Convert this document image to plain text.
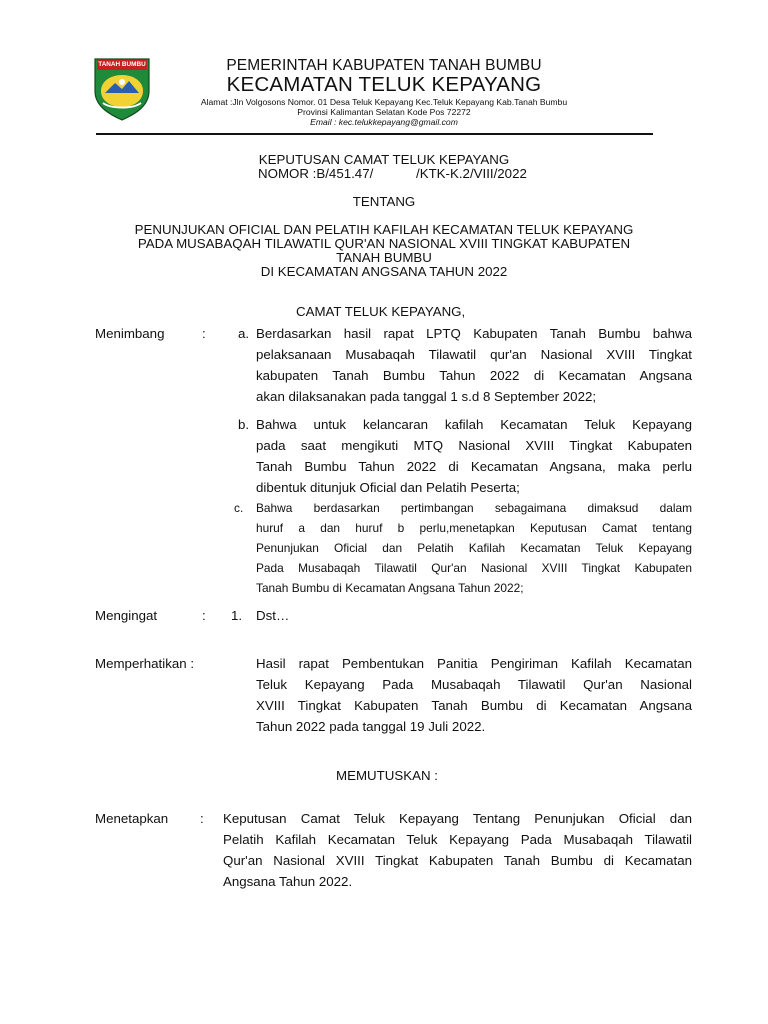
TANAH BUMBU	PEMERINTAH KABUPATEN TANAH BUMBU
KECAMATAN TELUK KEPAYANG
Alamat :Jln Volgosons Nomor. 01 Desa Teluk Kepayang Kec.Teluk Kepayang Kab.Tanah Bumbu
Provinsi Kalimantan Selatan Kode Pos 72272
Email : kec.telukkepayang@gmail.com
KEPUTUSAN CAMAT TELUK KEPAYANG
NOMOR :B/451.47/	/KTK-K.2/VIII/2022
TENTANG
PENUNJUKAN OFICIAL DAN PELATIH KAFILAH KECAMATAN TELUK KEPAYANG
PADA MUSABAQAH TILAWATIL QUR'AN NASIONAL XVIII TINGKAT KABUPATEN
TANAH BUMBU
DI KECAMATAN ANGSANA TAHUN 2022
CAMAT TELUK KEPAYANG,
Menimbang	: a. Berdasarkan hasil rapat LPTQ Kabupaten Tanah Bumbu bahwa
pelaksanaan Musabaqah Tilawatil qur'an Nasional XVIII Tingkat
kabupaten Tanah Bumbu Tahun 2022 di Kecamatan Angsana
akan dilaksanakan pada tanggal 1 s.d 8 September 2022;
b. Bahwa untuk kelancaran kafilah Kecamatan Teluk Kepayang
pada saat mengikuti MTQ Nasional XVIII Tingkat Kabupaten
Tanah Bumbu Tahun 2022 di Kecamatan Angsana, maka perlu
dibentuk ditunjuk Oficial dan Pelatih Peserta;
c. Bahwa berdasarkan pertimbangan sebagaimana dimaksud dalam
huruf a dan huruf b perlu,menetapkan Keputusan Camat tentang
Penunjukan Oficial dan Pelatih Kafilah Kecamatan Teluk Kepayang
Pada Musabaqah Tilawatil Qur'an Nasional XVIII Tingkat Kabupaten
Tanah Bumbu di Kecamatan Angsana Tahun 2022;
Mengingat	: 1. Dst…
Memperhatikan :	Hasil rapat Pembentukan Panitia Pengiriman Kafilah Kecamatan
Teluk Kepayang Pada Musabaqah Tilawatil Qur'an Nasional
XVIII Tingkat Kabupaten Tanah Bumbu di Kecamatan Angsana
Tahun 2022 pada tanggal 19 Juli 2022.
MEMUTUSKAN :
Menetapkan : Keputusan Camat Teluk Kepayang Tentang Penunjukan Oficial dan
Pelatih Kafilah Kecamatan Teluk Kepayang Pada Musabaqah Tilawatil
Qur'an Nasional XVIII Tingkat Kabupaten Tanah Bumbu di Kecamatan
Angsana Tahun 2022.
